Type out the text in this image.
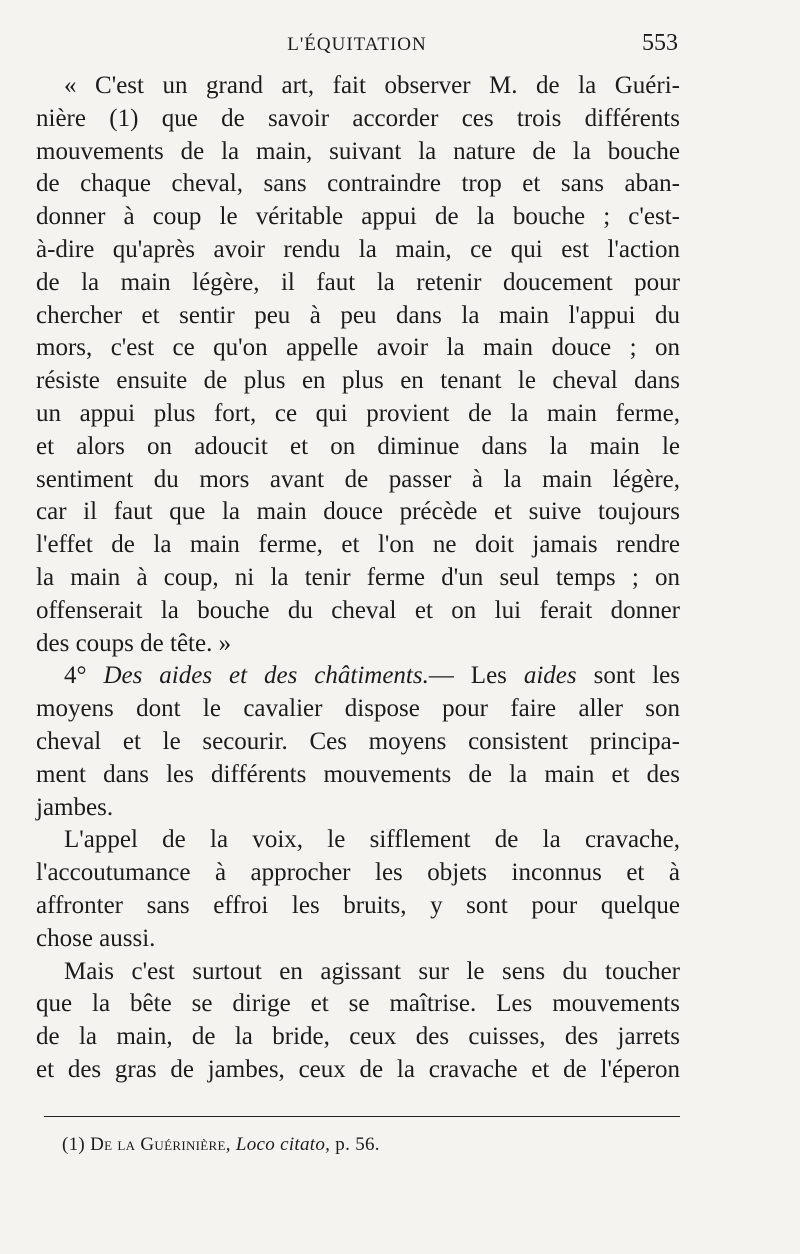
L'ÉQUITATION	553
« C'est un grand art, fait observer M. de la Guéri-
nière (1) que de savoir accorder ces trois différents
mouvements de la main, suivant la nature de la bouche
de chaque cheval, sans contraindre trop et sans aban-
donner à coup le véritable appui de la bouche ; c'est-
à-dire qu'après avoir rendu la main, ce qui est l'action
de la main légère, il faut la retenir doucement pour
chercher et sentir peu à peu dans la main l'appui du
mors, c'est ce qu'on appelle avoir la main douce ; on
résiste ensuite de plus en plus en tenant le cheval dans
un appui plus fort, ce qui provient de la main ferme,
et alors on adoucit et on diminue dans la main le
sentiment du mors avant de passer à la main légère,
car il faut que la main douce précède et suive toujours
l'effet de la main ferme, et l'on ne doit jamais rendre
la main à coup, ni la tenir ferme d'un seul temps ; on
offenserait la bouche du cheval et on lui ferait donner
des coups de tête. »
4° Des aides et des châtiments.— Les aides sont les
moyens dont le cavalier dispose pour faire aller son
cheval et le secourir. Ces moyens consistent principa-
ment dans les différents mouvements de la main et des
jambes.
L'appel de la voix, le sifflement de la cravache,
l'accoutumance à approcher les objets inconnus et à
affronter sans effroi les bruits, y sont pour quelque
chose aussi.
Mais c'est surtout en agissant sur le sens du toucher
que la bête se dirige et se maîtrise. Les mouvements
de la main, de la bride, ceux des cuisses, des jarrets
et des gras de jambes, ceux de la cravache et de l'éperon
(1) De la Guérinière, Loco citato, p. 56.
